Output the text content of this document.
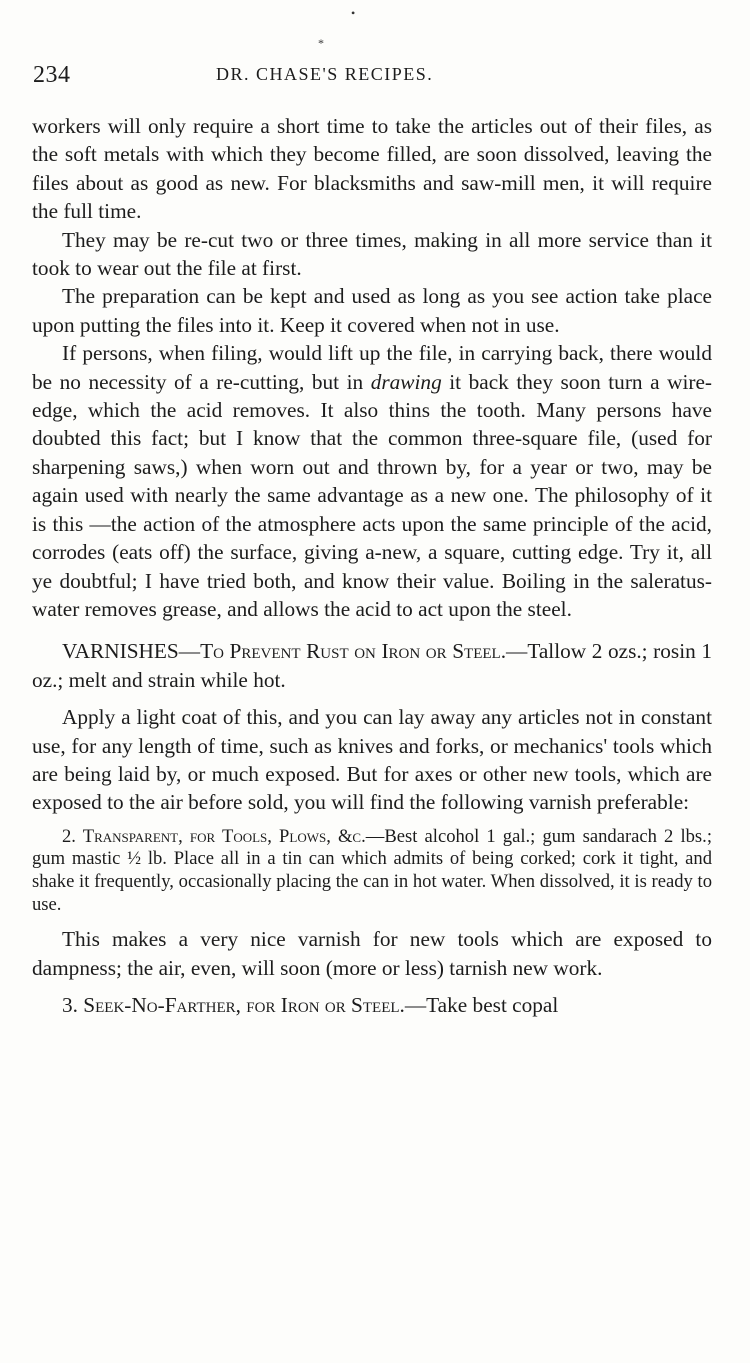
•
*
234	DR. CHASE'S RECIPES.

workers will only require a short time to take the articles out of their files, as the soft metals with which they become filled, are soon dissolved, leaving the files about as good as new. For blacksmiths and saw-mill men, it will require the full time.

They may be re-cut two or three times, making in all more service than it took to wear out the file at first.

The preparation can be kept and used as long as you see action take place upon putting the files into it. Keep it covered when not in use.

If persons, when filing, would lift up the file, in carrying back, there would be no necessity of a re-cutting, but in drawing it back they soon turn a wire-edge, which the acid removes. It also thins the tooth. Many persons have doubted this fact; but I know that the common three-square file, (used for sharpening saws,) when worn out and thrown by, for a year or two, may be again used with nearly the same advantage as a new one. The philosophy of it is this —the action of the atmosphere acts upon the same principle of the acid, corrodes (eats off) the surface, giving a-new, a square, cutting edge. Try it, all ye doubtful; I have tried both, and know their value. Boiling in the saleratus-water removes grease, and allows the acid to act upon the steel.

VARNISHES—To Prevent Rust on Iron or Steel.—Tallow 2 ozs.; rosin 1 oz.; melt and strain while hot.

Apply a light coat of this, and you can lay away any articles not in constant use, for any length of time, such as knives and forks, or mechanics' tools which are being laid by, or much exposed. But for axes or other new tools, which are exposed to the air before sold, you will find the following varnish preferable:

2. Transparent, for Tools, Plows, &c.—Best alcohol 1 gal.; gum sandarach 2 lbs.; gum mastic ½ lb. Place all in a tin can which admits of being corked; cork it tight, and shake it frequently, occasionally placing the can in hot water. When dissolved, it is ready to use.

This makes a very nice varnish for new tools which are exposed to dampness; the air, even, will soon (more or less) tarnish new work.

3. Seek-No-Farther, for Iron or Steel.—Take best copal
